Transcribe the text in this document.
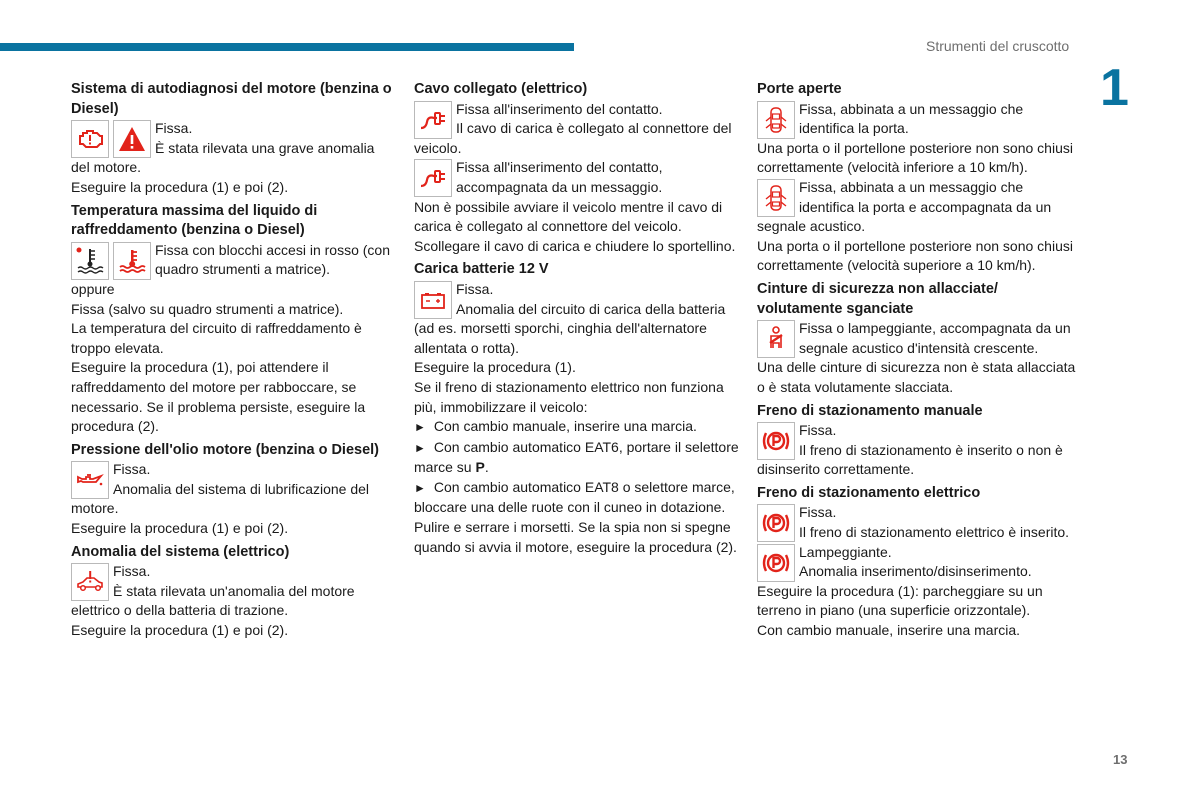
Strumenti del cruscotto
1
13
Sistema di autodiagnosi del motore (benzina o Diesel)

Fissa.

È stata rilevata una grave anomalia del motore.

Eseguire la procedura (1) e poi (2).

Temperatura massima del liquido di raffreddamento (benzina o Diesel)

Fissa con blocchi accesi in rosso (con quadro strumenti a matrice).

oppure

Fissa (salvo su quadro strumenti a matrice).

La temperatura del circuito di raffreddamento è troppo elevata.

Eseguire la procedura (1), poi attendere il raffreddamento del motore per rabboccare, se necessario. Se il problema persiste, eseguire la procedura (2).

Pressione dell'olio motore (benzina o Diesel)

Fissa.

Anomalia del sistema di lubrificazione del motore.

Eseguire la procedura (1) e poi (2).

Anomalia del sistema (elettrico)

Fissa.

È stata rilevata un'anomalia del motore elettrico o della batteria di trazione.

Eseguire la procedura (1) e poi (2).

Cavo collegato (elettrico)

Fissa all'inserimento del contatto.

Il cavo di carica è collegato al connettore del veicolo.

Fissa all'inserimento del contatto, accompagnata da un messaggio.

Non è possibile avviare il veicolo mentre il cavo di carica è collegato al connettore del veicolo.

Scollegare il cavo di carica e chiudere lo sportellino.

Carica batterie 12 V

Fissa.

Anomalia del circuito di carica della batteria (ad es. morsetti sporchi, cinghia dell'alternatore allentata o rotta).

Eseguire la procedura (1).

Se il freno di stazionamento elettrico non funziona più, immobilizzare il veicolo:

► Con cambio manuale, inserire una marcia.

► Con cambio automatico EAT6, portare il selettore marce su P.

► Con cambio automatico EAT8 o selettore marce, bloccare una delle ruote con il cuneo in dotazione.

Pulire e serrare i morsetti. Se la spia non si spegne quando si avvia il motore, eseguire la procedura (2).

Porte aperte

Fissa, abbinata a un messaggio che identifica la porta.

Una porta o il portellone posteriore non sono chiusi correttamente (velocità inferiore a 10 km/h).

Fissa, abbinata a un messaggio che identifica la porta e accompagnata da un segnale acustico.

Una porta o il portellone posteriore non sono chiusi correttamente (velocità superiore a 10 km/h).

Cinture di sicurezza non allacciate/ volutamente sganciate

Fissa o lampeggiante, accompagnata da un segnale acustico d'intensità crescente.

Una delle cinture di sicurezza non è stata allacciata o è stata volutamente slacciata.

Freno di stazionamento manuale

Fissa.

Il freno di stazionamento è inserito o non è disinserito correttamente.

Freno di stazionamento elettrico

Fissa.

Il freno di stazionamento elettrico è inserito.

Lampeggiante.

Anomalia inserimento/disinserimento.

Eseguire la procedura (1): parcheggiare su un terreno in piano (una superficie orizzontale).

Con cambio manuale, inserire una marcia.
